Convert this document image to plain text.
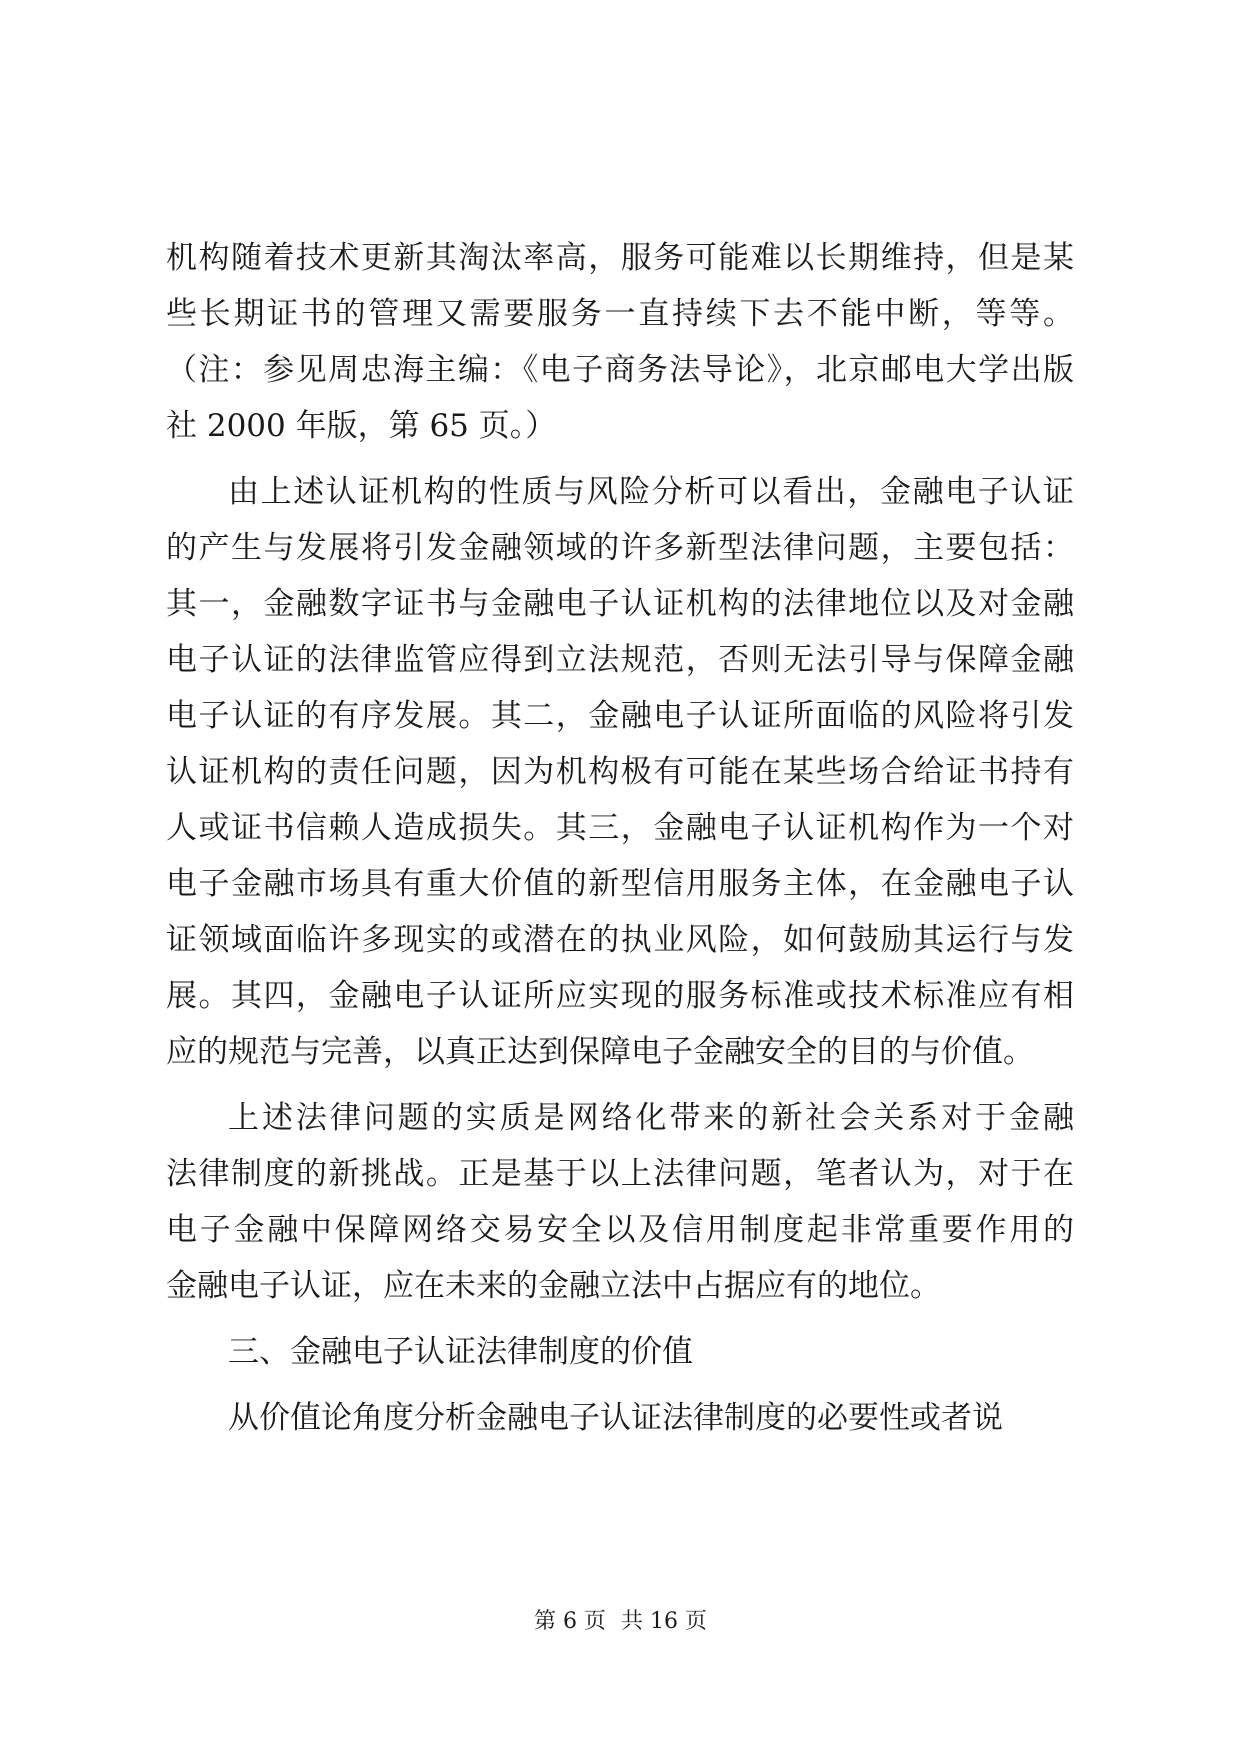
机构随着技术更新其淘汰率高，服务可能难以长期维持，但是某
些长期证书的管理又需要服务一直持续下去不能中断，等等。
（注：参见周忠海主编：《电子商务法导论》，北京邮电大学出版
社 2000 年版，第 65 页。）
由上述认证机构的性质与风险分析可以看出，金融电子认证
的产生与发展将引发金融领域的许多新型法律问题，主要包括：
其一，金融数字证书与金融电子认证机构的法律地位以及对金融
电子认证的法律监管应得到立法规范，否则无法引导与保障金融
电子认证的有序发展。其二，金融电子认证所面临的风险将引发
认证机构的责任问题，因为机构极有可能在某些场合给证书持有
人或证书信赖人造成损失。其三，金融电子认证机构作为一个对
电子金融市场具有重大价值的新型信用服务主体，在金融电子认
证领域面临许多现实的或潜在的执业风险，如何鼓励其运行与发
展。其四，金融电子认证所应实现的服务标准或技术标准应有相
应的规范与完善，以真正达到保障电子金融安全的目的与价值。
上述法律问题的实质是网络化带来的新社会关系对于金融
法律制度的新挑战。正是基于以上法律问题，笔者认为，对于在
电子金融中保障网络交易安全以及信用制度起非常重要作用的
金融电子认证，应在未来的金融立法中占据应有的地位。
三、金融电子认证法律制度的价值
从价值论角度分析金融电子认证法律制度的必要性或者说
第 6 页 共 16 页
